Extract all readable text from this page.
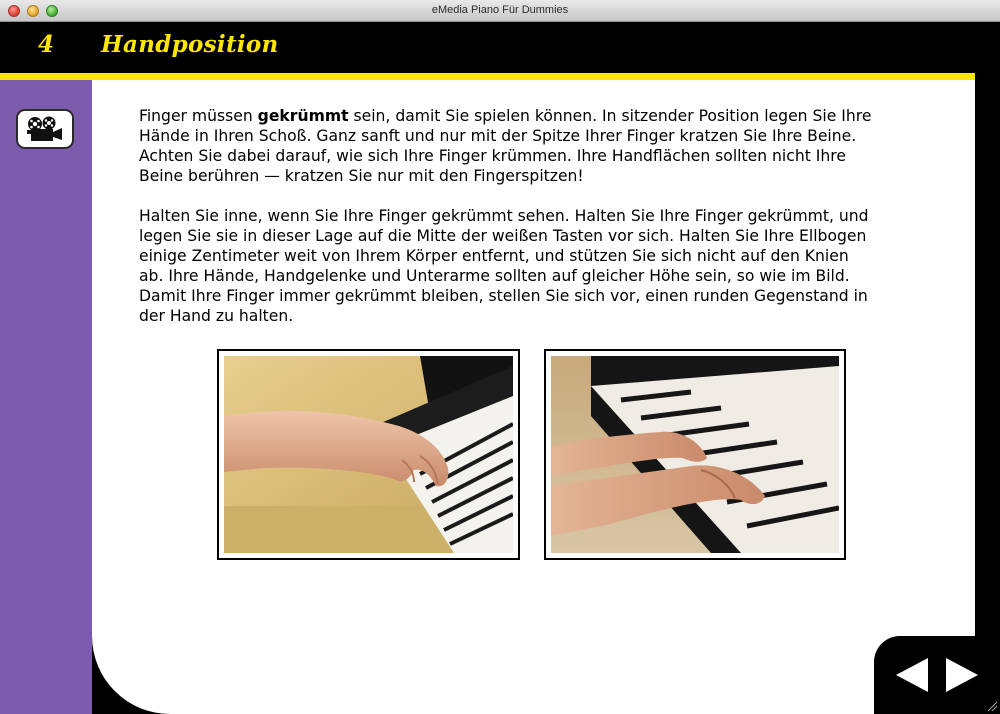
eMedia Piano Für Dummies
4 Handposition
Finger müssen gekrümmt sein, damit Sie spielen können. In sitzender Position legen Sie Ihre
Hände in Ihren Schoß. Ganz sanft und nur mit der Spitze Ihrer Finger kratzen Sie Ihre Beine.
Achten Sie dabei darauf, wie sich Ihre Finger krümmen. Ihre Handflächen sollten nicht Ihre
Beine berühren — kratzen Sie nur mit den Fingerspitzen!
Halten Sie inne, wenn Sie Ihre Finger gekrümmt sehen. Halten Sie Ihre Finger gekrümmt, und
legen Sie sie in dieser Lage auf die Mitte der weißen Tasten vor sich. Halten Sie Ihre Ellbogen
einige Zentimeter weit von Ihrem Körper entfernt, und stützen Sie sich nicht auf den Knien
ab. Ihre Hände, Handgelenke und Unterarme sollten auf gleicher Höhe sein, so wie im Bild.
Damit Ihre Finger immer gekrümmt bleiben, stellen Sie sich vor, einen runden Gegenstand in
der Hand zu halten.
